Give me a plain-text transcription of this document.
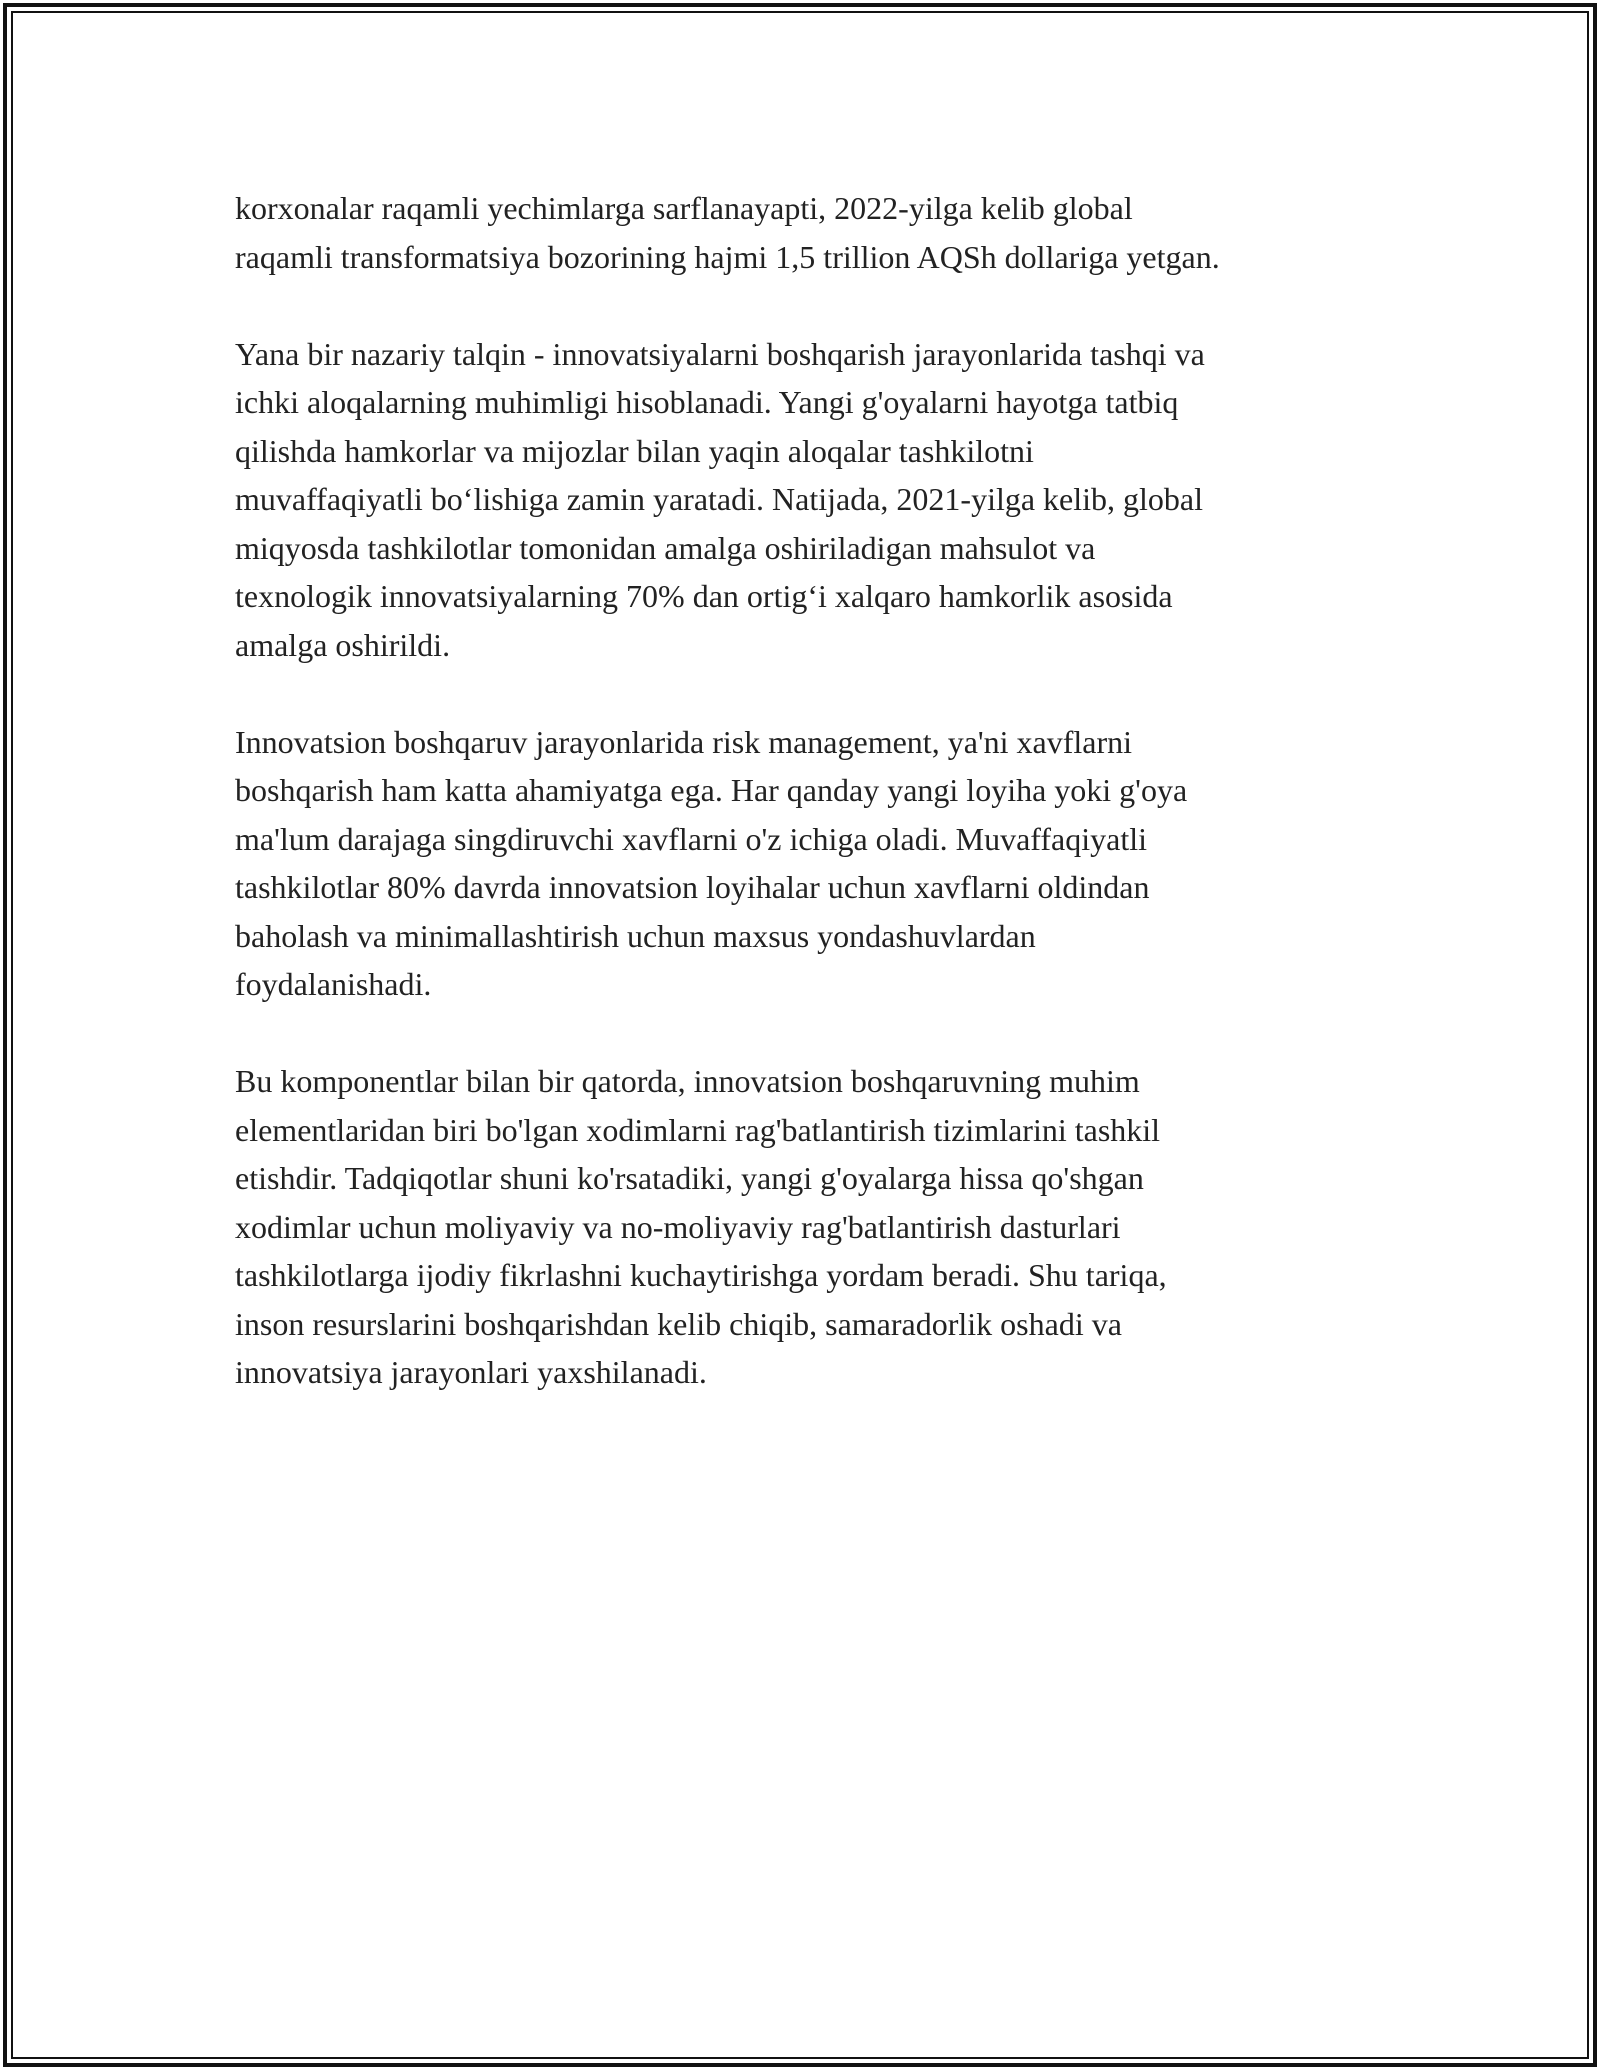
korxonalar raqamli yechimlarga sarflanayapti, 2022-yilga kelib global
raqamli transformatsiya bozorining hajmi 1,5 trillion AQSh dollariga yetgan.

Yana bir nazariy talqin - innovatsiyalarni boshqarish jarayonlarida tashqi va
ichki aloqalarning muhimligi hisoblanadi. Yangi g'oyalarni hayotga tatbiq
qilishda hamkorlar va mijozlar bilan yaqin aloqalar tashkilotni
muvaffaqiyatli bo‘lishiga zamin yaratadi. Natijada, 2021-yilga kelib, global
miqyosda tashkilotlar tomonidan amalga oshiriladigan mahsulot va
texnologik innovatsiyalarning 70% dan ortig‘i xalqaro hamkorlik asosida
amalga oshirildi.

Innovatsion boshqaruv jarayonlarida risk management, ya'ni xavflarni
boshqarish ham katta ahamiyatga ega. Har qanday yangi loyiha yoki g'oya
ma'lum darajaga singdiruvchi xavflarni o'z ichiga oladi. Muvaffaqiyatli
tashkilotlar 80% davrda innovatsion loyihalar uchun xavflarni oldindan
baholash va minimallashtirish uchun maxsus yondashuvlardan
foydalanishadi.

Bu komponentlar bilan bir qatorda, innovatsion boshqaruvning muhim
elementlaridan biri bo'lgan xodimlarni rag'batlantirish tizimlarini tashkil
etishdir. Tadqiqotlar shuni ko'rsatadiki, yangi g'oyalarga hissa qo'shgan
xodimlar uchun moliyaviy va no-moliyaviy rag'batlantirish dasturlari
tashkilotlarga ijodiy fikrlashni kuchaytirishga yordam beradi. Shu tariqa,
inson resurslarini boshqarishdan kelib chiqib, samaradorlik oshadi va
innovatsiya jarayonlari yaxshilanadi.
